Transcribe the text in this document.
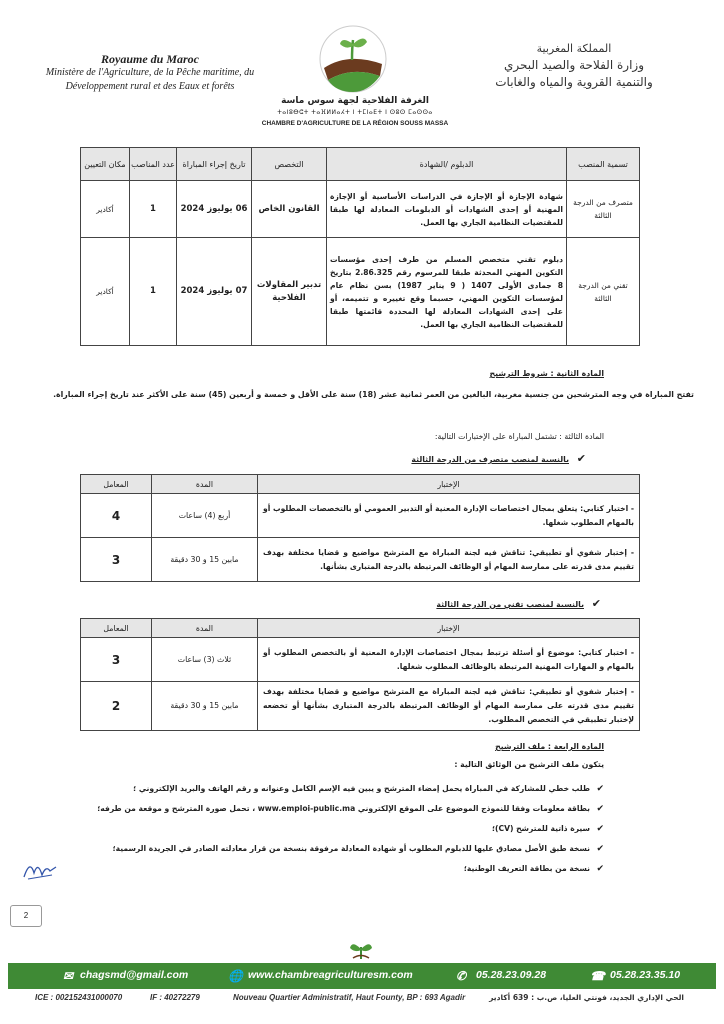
Royaume du Maroc
Ministère de l'Agriculture, de la Pêche maritime, du Développement rural et des Eaux et forêts
المملكة المغربية
وزارة الفلاحة والصيد البحري
والتنمية القروية والمياه والغابات
الغرفة الفلاحية لجهة سوس ماسة
ⵜⴰⵏⵓⴱⵛⵜ ⵜⴰⴼⵍⵍⴰⵃⵜ ⵏ ⵜⵎⵏⴰⴹⵜ ⵏ ⵙⵓⵙ ⵎⴰⵙⵙⴰ
CHAMBRE D'AGRICULTURE DE LA RÉGION SOUSS MASSA
تسمية المنصب	الدبلوم /الشهادة	التخصص	تاريخ إجراء المباراة	عدد المناصب	مكان التعيين
متصرف من الدرجة الثالثة	شهادة الإجازة أو الإجازة في الدراسات الأساسية أو الإجازة المهنية أو إحدى الشهادات أو الدبلومات المعادلة لها طبقا للمقتضيات النظامية الجاري بها العمل.	القانون الخاص	06 يوليوز 2024	1	أكادير
تقني من الدرجة الثالثة	دبلوم تقني متخصص المسلم من طرف إحدى مؤسسات التكوين المهني المحدثة طبقا للمرسوم رقم 2.86.325 بتاريخ 8 جمادى الأولى 1407 ( 9 يناير 1987) بسن نظام عام لمؤسسات التكوين المهني، حسبما وقع تغييره و تتميمه، أو على إحدى الشهادات المعادلة لها المحددة قائمتها طبقا للمقتضيات النظامية الجاري بها العمل.	تدبير المقاولات الفلاحية	07 يوليوز 2024	1	أكادير
المادة الثانية : شروط الترشيح
تفتح المباراة في وجه المترشحين من جنسية مغربية، البالغين من العمر ثمانية عشر (18) سنة على الأقل و خمسة و أربعين (45) سنة على الأكثر عند تاريخ إجراء المباراة.
المادة الثالثة : تشتمل المباراة على الإختبارات التالية:
✔
بالنسبة لمنصب متصرف من الدرجة الثالثة
الإختبار	المدة	المعامل
- اختبار كتابي: يتعلق بمجال اختصاصات الإدارة المعنية أو التدبير العمومي أو بالتخصصات المطلوب أو بالمهام المطلوب شغلها.	أربع (4) ساعات	4
- إختبار شفوي أو تطبيقي: تناقش فيه لجنة المباراة مع المترشح مواضيع و قضايا مختلفة بهدف تقييم مدى قدرته على ممارسة المهام أو الوظائف المرتبطة بالدرجة المتبارى بشأنها.	مابين 15 و 30 دقيقة	3
✔
بالنسبة لمنصب تقني من الدرجة الثالثة
الإختبار	المدة	المعامل
- اختبار كتابي: موضوع أو أسئلة ترتبط بمجال اختصاصات الإدارة المعنية أو بالتخصص المطلوب أو بالمهام و المهارات المهنية المرتبطة بالوظائف المطلوب شغلها.	ثلاث (3) ساعات	3
- إختبار شفوي أو تطبيقي: تناقش فيه لجنة المباراة مع المترشح مواضيع و قضايا مختلفة بهدف تقييم مدى قدرته على ممارسة المهام أو الوظائف المرتبطة بالدرجة المتبارى بشأنها أو تخضعه لإختبار تطبيقي في التخصص المطلوب.	مابين 15 و 30 دقيقة	2
المادة الرابعة : ملف الترشيح
يتكون ملف الترشيح من الوثائق التالية :
✔ طلب خطي للمشاركة في المباراة يحمل إمضاء المترشح و يبين فيه الإسم الكامل وعنوانه و رقم الهاتف والبريد الإلكتروني ؛
✔ بطاقة معلومات وفقا للنموذج الموضوع على الموقع الإلكتروني www.emploi-public.ma ، تحمل صورة المترشح و موقعة من طرفه؛
✔ سيرة ذاتية للمترشح (CV)؛
✔ نسخة طبق الأصل مصادق عليها للدبلوم المطلوب أو شهادة المعادلة مرفوقة بنسخة من قرار معادلته الصادر في الجريدة الرسمية؛
✔ نسخة من بطاقة التعريف الوطنية؛
2
✉ chagsmd@gmail.com	🌐 www.chambreagriculturesm.com	✆ 05.28.23.09.28	☎ 05.28.23.35.10
ICE : 002152431000070	IF : 40272279	Nouveau Quartier Administratif, Haut Founty, BP : 693 Agadir	الحي الإداري الجديد، فونتي العليا، ص.ب : 639 أكادير
